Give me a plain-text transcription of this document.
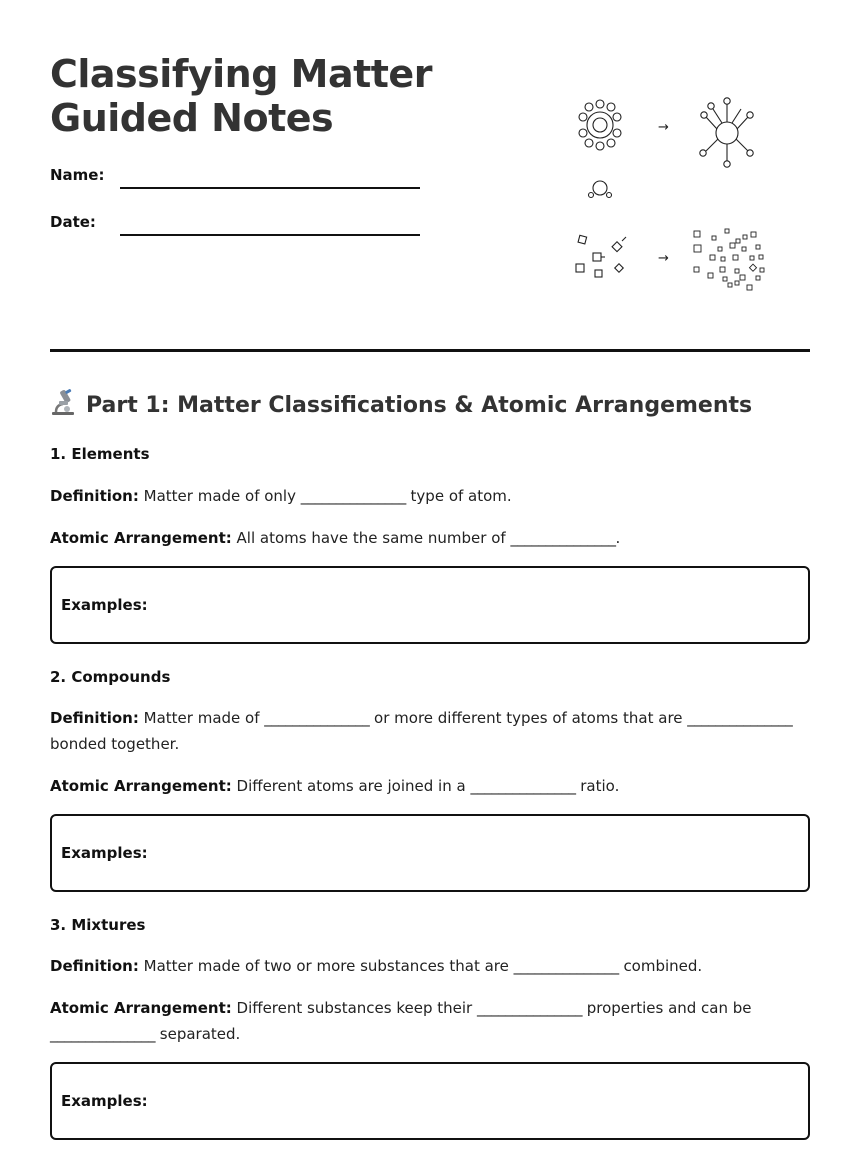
Classifying Matter
Guided Notes
Name:
Date:
→
→
Part 1: Matter Classifications & Atomic Arrangements
1. Elements
Definition: Matter made of only _______________ type of atom.
Atomic Arrangement: All atoms have the same number of _______________.
Examples:
2. Compounds
Definition: Matter made of _______________ or more different types of atoms that are _______________
bonded together.
Atomic Arrangement: Different atoms are joined in a _______________ ratio.
Examples:
3. Mixtures
Definition: Matter made of two or more substances that are _______________ combined.
Atomic Arrangement: Different substances keep their _______________ properties and can be
_______________ separated.
Examples:
